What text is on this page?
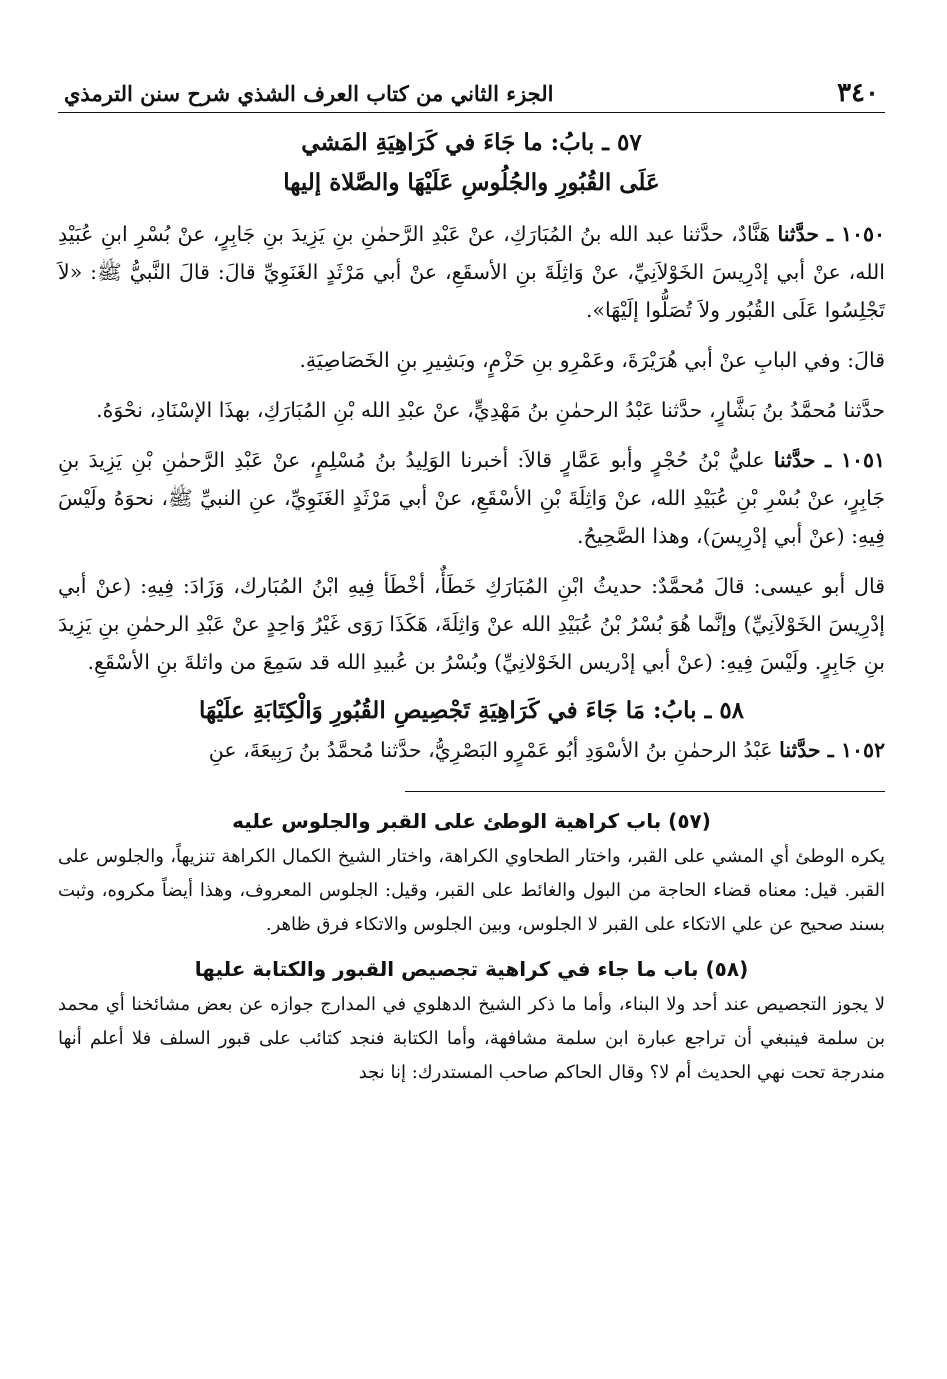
٣٤٠
الجزء الثاني من كتاب العرف الشذي شرح سنن الترمذي
٥٧ ـ بابُ: ما جَاءَ في كَرَاهِيَةِ المَشي
عَلَى القُبُورِ والجُلُوسِ عَلَيْهَا والصَّلاة إليها

١٠٥٠ ـ حدَّثنا هَنَّادٌ، حدَّثنا عبد الله بنُ المُبَارَكِ، عنْ عَبْدِ الرَّحمٰنِ بنِ يَزِيدَ بنِ جَابِرٍ، عنْ بُسْرِ ابنِ عُبَيْدِ الله، عنْ أبي إدْرِيسَ الخَوْلاَنِيِّ، عنْ وَاثِلَةَ بنِ الأسقَعِ، عنْ أبي مَرْثَدٍ الغَنَوِيِّ قالَ: قالَ النَّبيُّ ﷺ: «لاَ تَجْلِسُوا عَلَى القُبُور ولاَ تُصَلُّوا إلَيْهَا».

قالَ: وفي البابِ عنْ أبي هُرَيْرَةَ، وعَمْرِو بنِ حَزْمٍ، وبَشِيرِ بنِ الخَصَاصِيَةِ.

حدَّثنا مُحمَّدُ بنُ بَشَّارٍ، حدَّثنا عَبْدُ الرحمٰنِ بنُ مَهْدِيٍّ، عنْ عبْدِ الله بْنِ المُبَارَكِ، بهذَا الإسْنَادِ، نحْوَهُ.

١٠٥١ ـ حدَّثنا عليُّ بْنُ حُجْرٍ وأبو عَمَّارٍ قالاَ: أخبرنا الوَلِيدُ بنُ مُسْلِمٍ، عنْ عَبْدِ الرَّحمٰنِ بْنِ يَزِيدَ بنِ جَابِرٍ، عنْ بُسْرِ بْنِ عُبَيْدِ الله، عنْ وَاثِلَةَ بْنِ الأسْقَعِ، عنْ أبي مَرْثَدٍ الغَنَوِيِّ، عنِ النبيِّ ﷺ، نحوَهُ ولَيْسَ فِيهِ: (عنْ أبي إدْرِيسَ)، وهذا الصَّحِيحُ.

قال أبو عيسى: قالَ مُحمَّدٌ: حديثُ ابْنِ المُبَارَكِ خَطَأٌ، أخْطَأ فِيهِ ابْنُ المُبَارك، وَزَادَ: فِيهِ: (عنْ أبي إدْرِيسَ الخَوْلاَنِيِّ) وإنَّما هُوَ بُسْرُ بْنُ عُبَيْدِ الله عنْ وَاثِلَةَ، هَكَذَا رَوَى غَيْرُ وَاحِدٍ عنْ عَبْدِ الرحمٰنِ بنِ يَزِيدَ بنِ جَابِرٍ. ولَيْسَ فِيهِ: (عنْ أبي إدْريس الخَوْلانِيِّ) وبُسْرُ بن عُبيدِ الله قد سَمِعَ من واثلةَ بنِ الأسْقَعِ.

٥٨ ـ بابُ: مَا جَاءَ في كَرَاهِيَةِ تَجْصِيصِ القُبُورِ وَالْكِتَابَةِ علَيْهَا

١٠٥٢ ـ حدَّثنا عَبْدُ الرحمٰنِ بنُ الأسْوَدِ أبُو عَمْرٍو البَصْرِيُّ، حدَّثنا مُحمَّدُ بنُ رَبِيعَةَ، عنِ

(٥٧) باب كراهية الوطئ على القبر والجلوس عليه

يكره الوطئ أي المشي على القبر، واختار الطحاوي الكراهة، واختار الشيخ الكمال الكراهة تنزيهاً، والجلوس على القبر. قيل: معناه قضاء الحاجة من البول والغائط على القبر، وقيل: الجلوس المعروف، وهذا أيضاً مكروه، وثبت بسند صحيح عن علي الاتكاء على القبر لا الجلوس، وبين الجلوس والاتكاء فرق ظاهر.

(٥٨) باب ما جاء في كراهية تجصيص القبور والكتابة عليها

لا يجوز التجصيص عند أحد ولا البناء، وأما ما ذكر الشيخ الدهلوي في المدارج جوازه عن بعض مشائخنا أي محمد بن سلمة فينبغي أن تراجع عبارة ابن سلمة مشافهة، وأما الكتابة فنجد كتائب على قبور السلف فلا أعلم أنها مندرجة تحت نهي الحديث أم لا؟ وقال الحاكم صاحب المستدرك: إنا نجد
